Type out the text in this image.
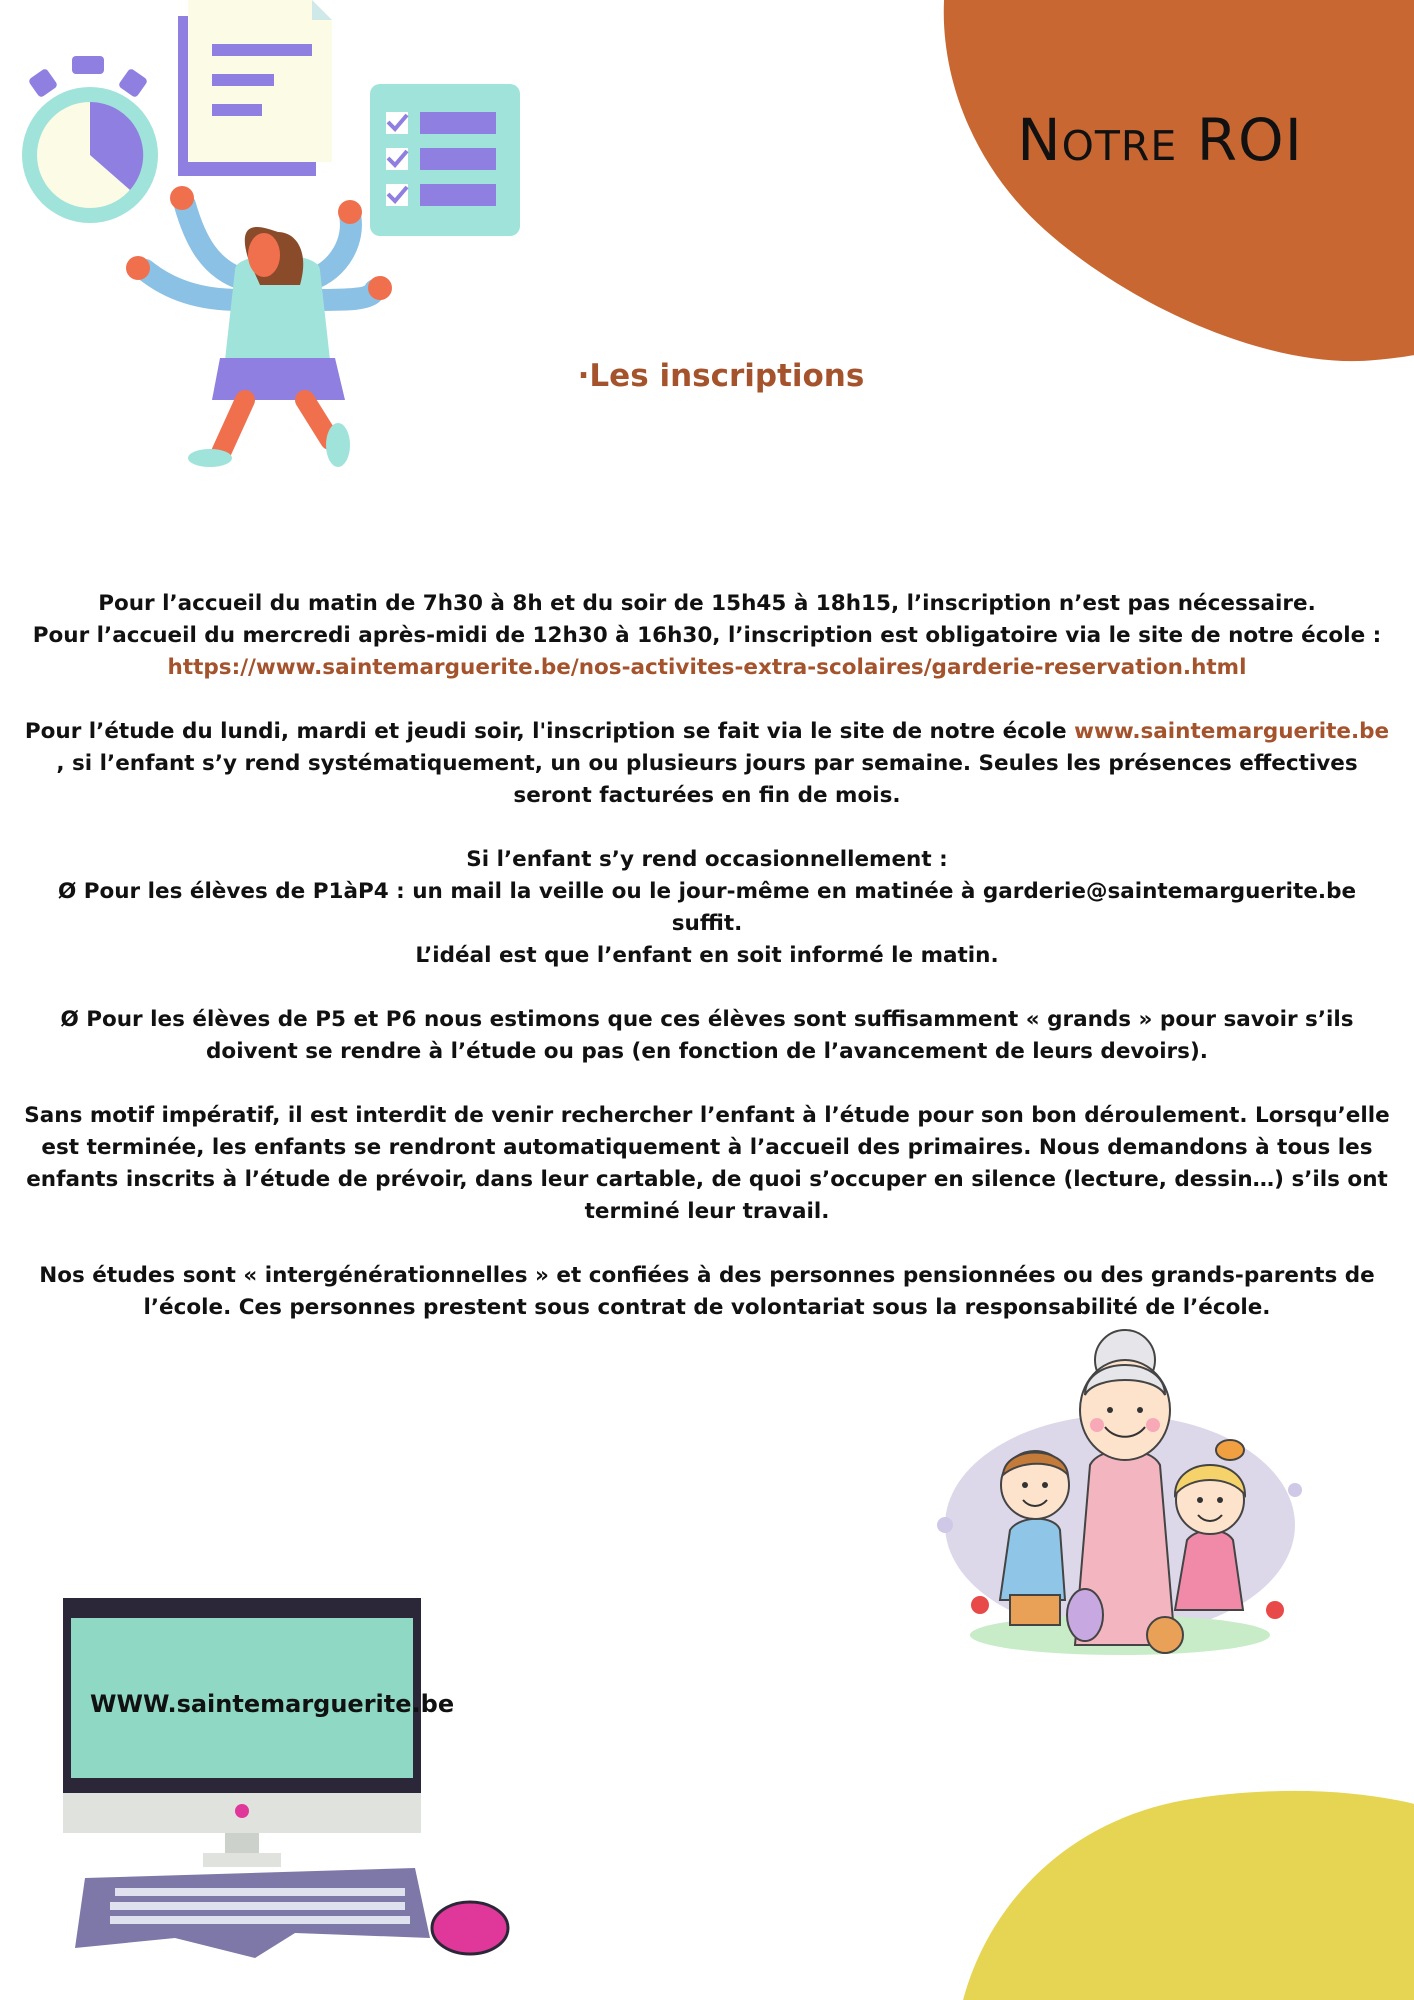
Notre ROI
·Les inscriptions

Pour l’accueil du matin de 7h30 à 8h et du soir de 15h45 à 18h15, l’inscription n’est pas nécessaire.
Pour l’accueil du mercredi après-midi de 12h30 à 16h30, l’inscription est obligatoire via le site de notre école :
https://www.saintemarguerite.be/nos-activites-extra-scolaires/garderie-reservation.html

Pour l’étude du lundi, mardi et jeudi soir, l'inscription se fait via le site de notre école www.saintemarguerite.be , si l’enfant s’y rend systématiquement, un ou plusieurs jours par semaine. Seules les présences effectives seront facturées en fin de mois.

Si l’enfant s’y rend occasionnellement :
Ø Pour les élèves de P1àP4 : un mail la veille ou le jour-même en matinée à garderie@saintemarguerite.be suffit.
L’idéal est que l’enfant en soit informé le matin.

Ø Pour les élèves de P5 et P6 nous estimons que ces élèves sont suffisamment « grands » pour savoir s’ils doivent se rendre à l’étude ou pas (en fonction de l’avancement de leurs devoirs).

Sans motif impératif, il est interdit de venir rechercher l’enfant à l’étude pour son bon déroulement. Lorsqu’elle est terminée, les enfants se rendront automatiquement à l’accueil des primaires. Nous demandons à tous les enfants inscrits à l’étude de prévoir, dans leur cartable, de quoi s’occuper en silence (lecture, dessin…) s’ils ont terminé leur travail.

Nos études sont « intergénérationnelles » et confiées à des personnes pensionnées ou des grands-parents de l’école. Ces personnes prestent sous contrat de volontariat sous la responsabilité de l’école.

WWW.saintemarguerite.be
